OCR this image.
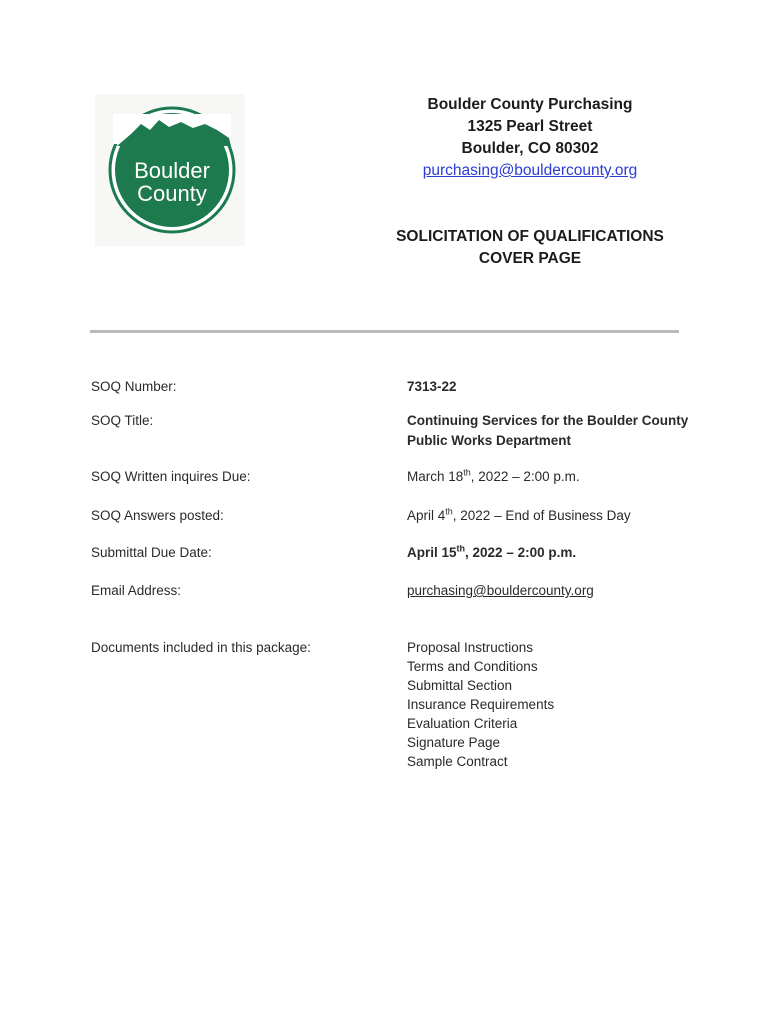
Boulder
County
Boulder County Purchasing
1325 Pearl Street
Boulder, CO 80302
purchasing@bouldercounty.org
SOLICITATION OF QUALIFICATIONS
COVER PAGE
SOQ Number:	7313-22
SOQ Title:	Continuing Services for the Boulder County Public Works Department
SOQ Written inquires Due:	March 18th, 2022 – 2:00 p.m.
SOQ Answers posted:	April 4th, 2022 – End of Business Day
Submittal Due Date:	April 15th, 2022 – 2:00 p.m.
Email Address:	purchasing@bouldercounty.org
Documents included in this package:	Proposal Instructions
Terms and Conditions
Submittal Section
Insurance Requirements
Evaluation Criteria
Signature Page
Sample Contract
